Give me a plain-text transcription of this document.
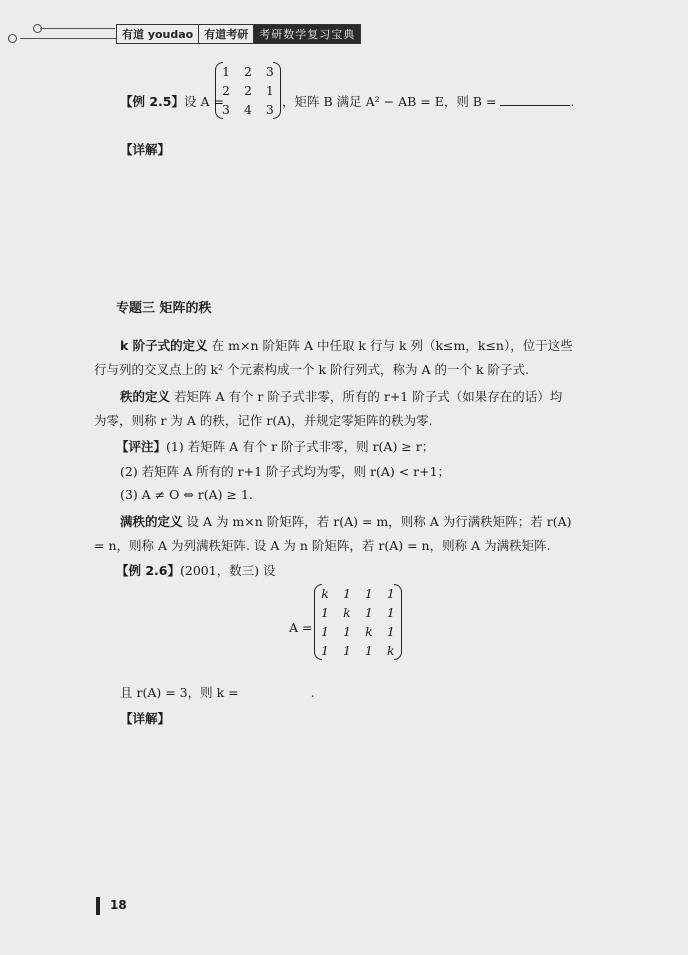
有道 youdao	有道考研	考研数学复习宝典
【例 2.5】设 A =
1	2	3
2	2	1
3	4	3
，矩阵 B 满足 A² − AB = E，则 B =	.
【详解】
专题三 矩阵的秩
k 阶子式的定义 在 m×n 阶矩阵 A 中任取 k 行与 k 列（k≤m，k≤n），位于这些
行与列的交叉点上的 k² 个元素构成一个 k 阶行列式，称为 A 的一个 k 阶子式.
秩的定义 若矩阵 A 有个 r 阶子式非零，所有的 r+1 阶子式（如果存在的话）均
为零，则称 r 为 A 的秩，记作 r(A)，并规定零矩阵的秩为零.
【评注】(1) 若矩阵 A 有个 r 阶子式非零，则 r(A) ≥ r；
(2) 若矩阵 A 所有的 r+1 阶子式均为零，则 r(A) < r+1；
(3) A ≠ O ⇔ r(A) ≥ 1.
满秩的定义 设 A 为 m×n 阶矩阵，若 r(A) = m，则称 A 为行满秩矩阵；若 r(A)
= n，则称 A 为列满秩矩阵. 设 A 为 n 阶矩阵，若 r(A) = n，则称 A 为满秩矩阵.
【例 2.6】(2001，数三) 设
A =
k	1	1	1
1	k	1	1
1	1	k	1
1	1	1	k
且 r(A) = 3，则 k =	.
【详解】
18
